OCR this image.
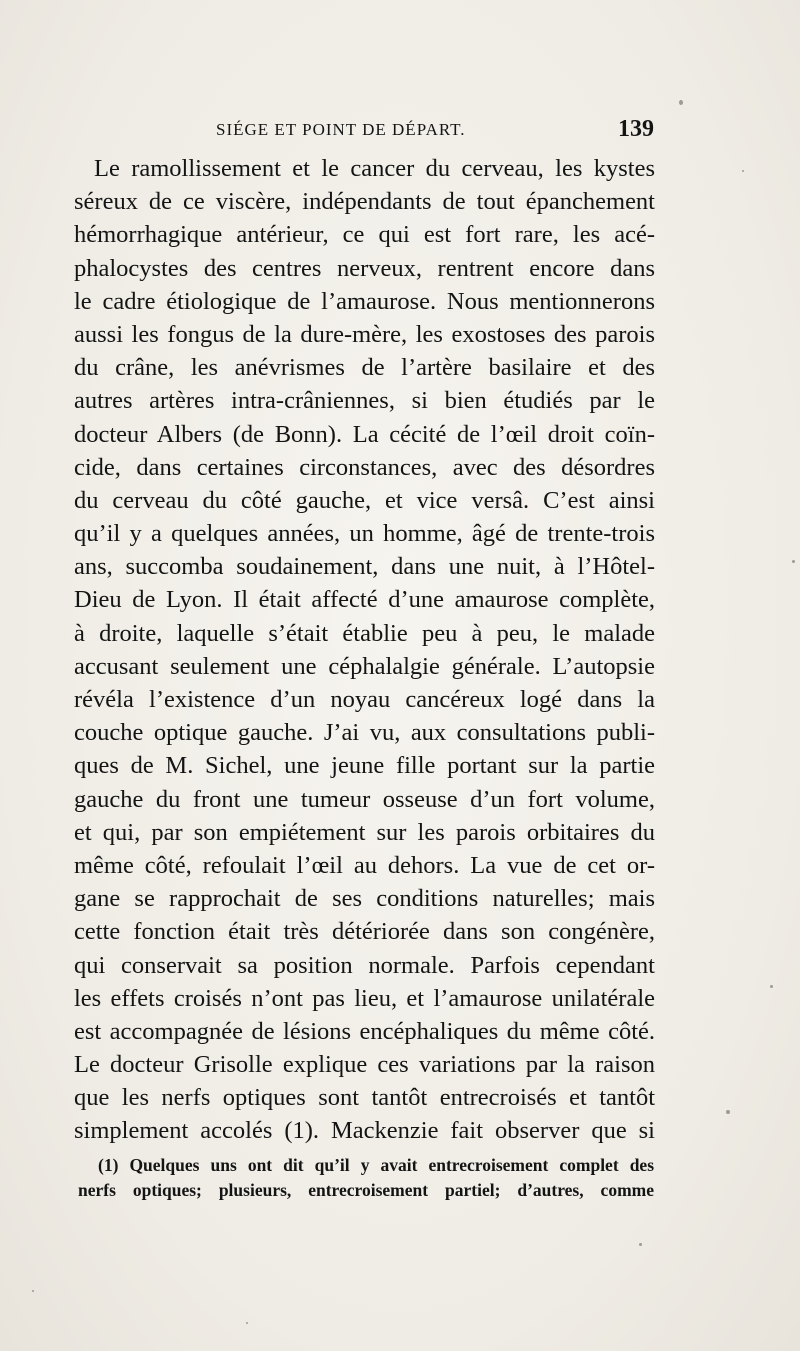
SIÉGE ET POINT DE DÉPART.	139
Le ramollissement et le cancer du cerveau, les kystes
séreux de ce viscère, indépendants de tout épanchement
hémorrhagique antérieur, ce qui est fort rare, les acé-
phalocystes des centres nerveux, rentrent encore dans
le cadre étiologique de l’amaurose. Nous mentionnerons
aussi les fongus de la dure-mère, les exostoses des parois
du crâne, les anévrismes de l’artère basilaire et des
autres artères intra-crâniennes, si bien étudiés par le
docteur Albers (de Bonn). La cécité de l’œil droit coïn-
cide, dans certaines circonstances, avec des désordres
du cerveau du côté gauche, et vice versâ. C’est ainsi
qu’il y a quelques années, un homme, âgé de trente-trois
ans, succomba soudainement, dans une nuit, à l’Hôtel-
Dieu de Lyon. Il était affecté d’une amaurose complète,
à droite, laquelle s’était établie peu à peu, le malade
accusant seulement une céphalalgie générale. L’autopsie
révéla l’existence d’un noyau cancéreux logé dans la
couche optique gauche. J’ai vu, aux consultations publi-
ques de M. Sichel, une jeune fille portant sur la partie
gauche du front une tumeur osseuse d’un fort volume,
et qui, par son empiétement sur les parois orbitaires du
même côté, refoulait l’œil au dehors. La vue de cet or-
gane se rapprochait de ses conditions naturelles; mais
cette fonction était très détériorée dans son congénère,
qui conservait sa position normale. Parfois cependant
les effets croisés n’ont pas lieu, et l’amaurose unilatérale
est accompagnée de lésions encéphaliques du même côté.
Le docteur Grisolle explique ces variations par la raison
que les nerfs optiques sont tantôt entrecroisés et tantôt
simplement accolés (1). Mackenzie fait observer que si
(1) Quelques uns ont dit qu’il y avait entrecroisement complet des
nerfs optiques; plusieurs, entrecroisement partiel; d’autres, comme
